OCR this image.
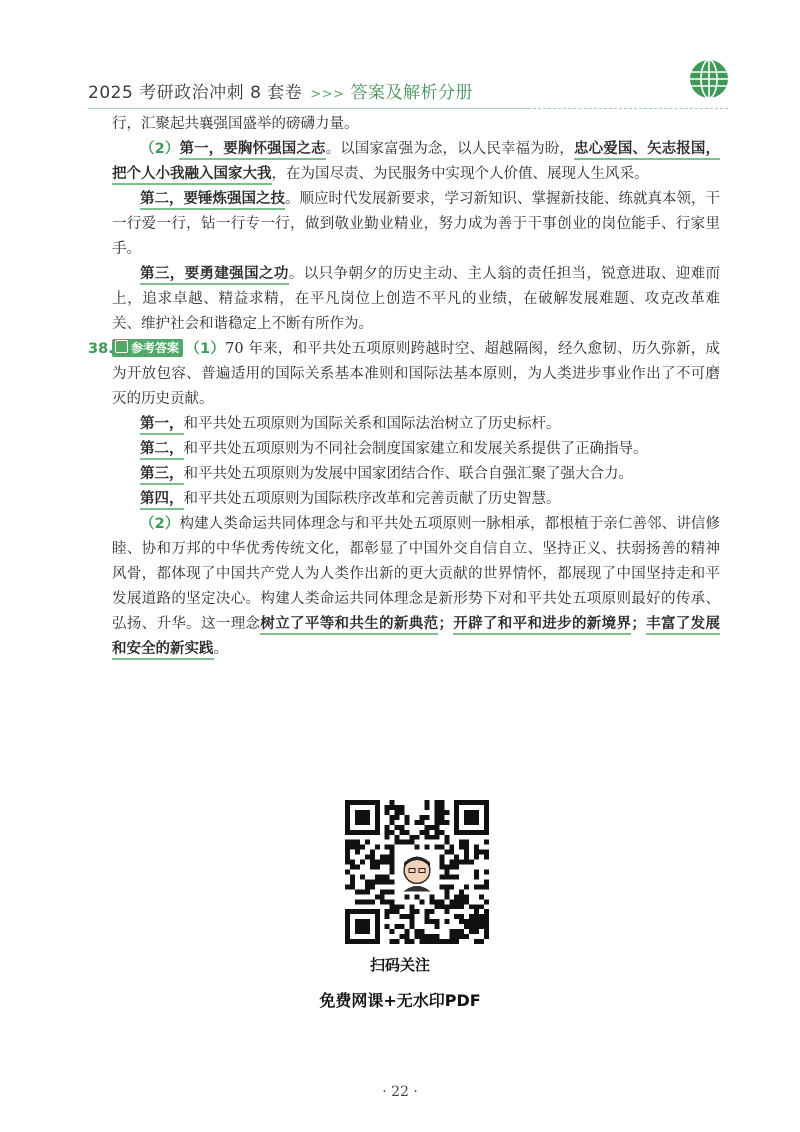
2025 考研政治冲刺 8 套卷 >>> 答案及解析分册

行，汇聚起共襄强国盛举的磅礴力量。

（2）第一，要胸怀强国之志。以国家富强为念，以人民幸福为盼，忠心爱国、矢志报国，把个人小我融入国家大我，在为国尽责、为民服务中实现个人价值、展现人生风采。

第二，要锤炼强国之技。顺应时代发展新要求，学习新知识、掌握新技能、练就真本领，干一行爱一行，钻一行专一行，做到敬业勤业精业，努力成为善于干事创业的岗位能手、行家里手。

第三，要勇建强国之功。以只争朝夕的历史主动、主人翁的责任担当，锐意进取、迎难而上，追求卓越、精益求精，在平凡岗位上创造不平凡的业绩，在破解发展难题、攻克改革难关、维护社会和谐稳定上不断有所作为。

38.	参考答案 （1）70 年来，和平共处五项原则跨越时空、超越隔阂，经久愈韧、历久弥新，成为开放包容、普遍适用的国际关系基本准则和国际法基本原则，为人类进步事业作出了不可磨灭的历史贡献。

第一，和平共处五项原则为国际关系和国际法治树立了历史标杆。

第二，和平共处五项原则为不同社会制度国家建立和发展关系提供了正确指导。

第三，和平共处五项原则为发展中国家团结合作、联合自强汇聚了强大合力。

第四，和平共处五项原则为国际秩序改革和完善贡献了历史智慧。

（2）构建人类命运共同体理念与和平共处五项原则一脉相承，都根植于亲仁善邻、讲信修睦、协和万邦的中华优秀传统文化，都彰显了中国外交自信自立、坚持正义、扶弱扬善的精神风骨，都体现了中国共产党人为人类作出新的更大贡献的世界情怀，都展现了中国坚持走和平发展道路的坚定决心。构建人类命运共同体理念是新形势下对和平共处五项原则最好的传承、弘扬、升华。这一理念树立了平等和共生的新典范；开辟了和平和进步的新境界；丰富了发展和安全的新实践。

扫码关注
免费网课+无水印PDF
· 22 ·
